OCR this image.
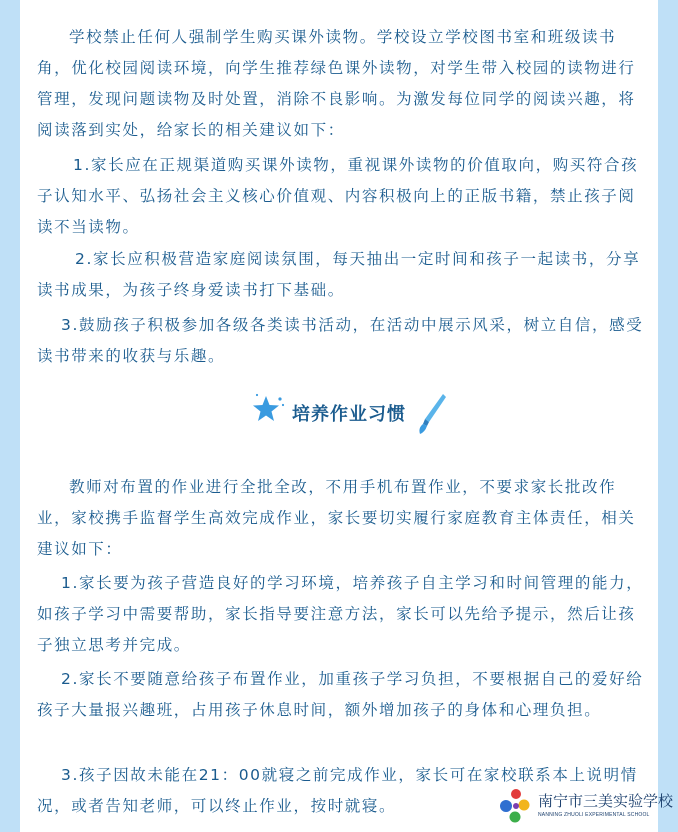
学校禁止任何人强制学生购买课外读物。学校设立学校图书室和班级读书角，优化校园阅读环境，向学生推荐绿色课外读物，对学生带入校园的读物进行管理，发现问题读物及时处置，消除不良影响。为激发每位同学的阅读兴趣，将阅读落到实处，给家长的相关建议如下：

1.家长应在正规渠道购买课外读物，重视课外读物的价值取向，购买符合孩子认知水平、弘扬社会主义核心价值观、内容积极向上的正版书籍，禁止孩子阅读不当读物。

2.家长应积极营造家庭阅读氛围，每天抽出一定时间和孩子一起读书，分享读书成果，为孩子终身爱读书打下基础。

3.鼓励孩子积极参加各级各类读书活动，在活动中展示风采，树立自信，感受读书带来的收获与乐趣。

培养作业习惯

教师对布置的作业进行全批全改，不用手机布置作业，不要求家长批改作业，家校携手监督学生高效完成作业，家长要切实履行家庭教育主体责任，相关建议如下：

1.家长要为孩子营造良好的学习环境，培养孩子自主学习和时间管理的能力，如孩子学习中需要帮助，家长指导要注意方法，家长可以先给予提示，然后让孩子独立思考并完成。

2.家长不要随意给孩子布置作业，加重孩子学习负担，不要根据自己的爱好给孩子大量报兴趣班，占用孩子休息时间，额外增加孩子的身体和心理负担。

3.孩子因故未能在21：00就寝之前完成作业，家长可在家校联系本上说明情况，或者告知老师，可以终止作业，按时就寝。	南宁市三美实验学校
NANNING ZHUOLI EXPERIMENTAL SCHOOL
